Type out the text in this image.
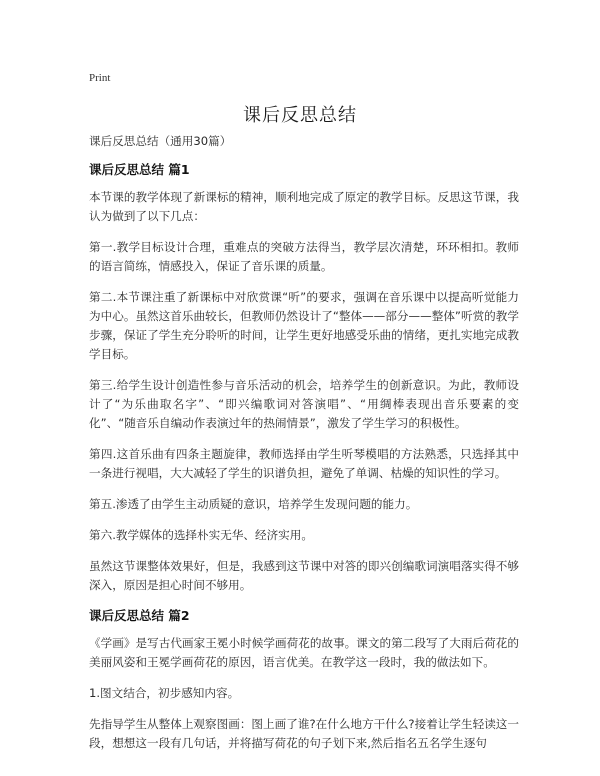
Print
课后反思总结

课后反思总结（通用30篇）

课后反思总结 篇1

本节课的教学体现了新课标的精神，顺利地完成了原定的教学目标。反思这节课，我认为做到了以下几点：

第一.教学目标设计合理，重难点的突破方法得当，教学层次清楚，环环相扣。教师的语言简练，情感投入，保证了音乐课的质量。

第二.本节课注重了新课标中对欣赏课“听”的要求，强调在音乐课中以提高听觉能力为中心。虽然这首乐曲较长，但教师仍然设计了“整体——部分——整体”听赏的教学步骤，保证了学生充分聆听的时间，让学生更好地感受乐曲的情绪，更扎实地完成教学目标。

第三.给学生设计创造性参与音乐活动的机会，培养学生的创新意识。为此，教师设计了“为乐曲取名字”、“即兴编歌词对答演唱”、“用绸棒表现出音乐要素的变化”、“随音乐自编动作表演过年的热闹情景”，激发了学生学习的积极性。

第四.这首乐曲有四条主题旋律，教师选择由学生听琴模唱的方法熟悉，只选择其中一条进行视唱，大大减轻了学生的识谱负担，避免了单调、枯燥的知识性的学习。

第五.渗透了由学生主动质疑的意识，培养学生发现问题的能力。

第六.教学媒体的选择朴实无华、经济实用。

虽然这节课整体效果好，但是，我感到这节课中对答的即兴创编歌词演唱落实得不够深入，原因是担心时间不够用。

课后反思总结 篇2

《学画》是写古代画家王冕小时候学画荷花的故事。课文的第二段写了大雨后荷花的美丽风姿和王冕学画荷花的原因，语言优美。在教学这一段时，我的做法如下。

1.图文结合，初步感知内容。

先指导学生从整体上观察图画：图上画了谁?在什么地方干什么?接着让学生轻读这一段，想想这一段有几句话，并将描写荷花的句子划下来,然后指名五名学生逐句
